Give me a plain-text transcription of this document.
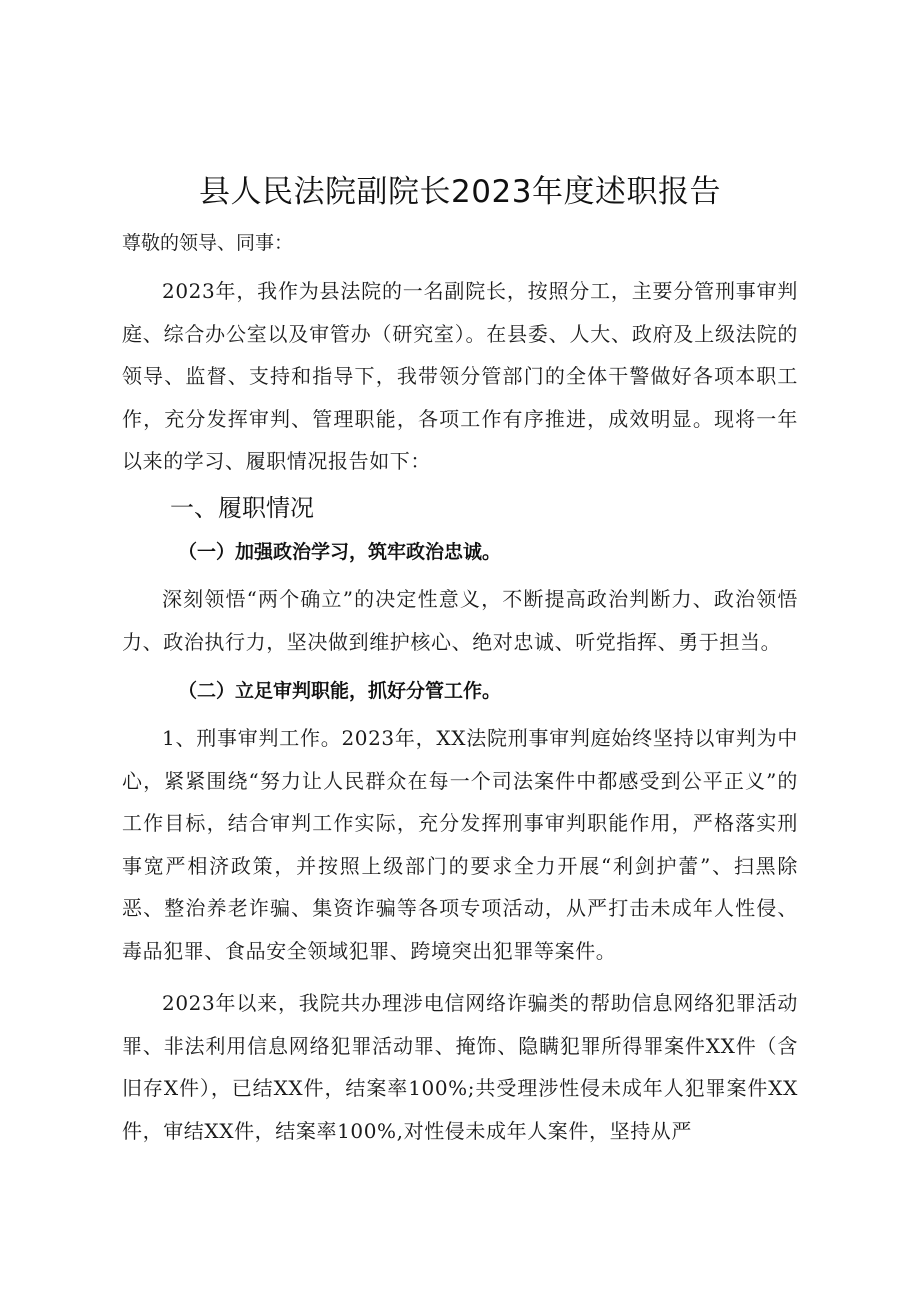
县人民法院副院长2023年度述职报告

尊敬的领导、同事：

2023年，我作为县法院的一名副院长，按照分工，主要分管刑事审判庭、综合办公室以及审管办（研究室）。在县委、人大、政府及上级法院的领导、监督、支持和指导下，我带领分管部门的全体干警做好各项本职工作，充分发挥审判、管理职能，各项工作有序推进，成效明显。现将一年以来的学习、履职情况报告如下：

一、履职情况
（一）加强政治学习，筑牢政治忠诚。

深刻领悟“两个确立”的决定性意义，不断提高政治判断力、政治领悟力、政治执行力，坚决做到维护核心、绝对忠诚、听党指挥、勇于担当。

（二）立足审判职能，抓好分管工作。

1、刑事审判工作。2023年，XX法院刑事审判庭始终坚持以审判为中心，紧紧围绕“努力让人民群众在每一个司法案件中都感受到公平正义”的工作目标，结合审判工作实际，充分发挥刑事审判职能作用，严格落实刑事宽严相济政策，并按照上级部门的要求全力开展“利剑护蕾”、扫黑除恶、整治养老诈骗、集资诈骗等各项专项活动，从严打击未成年人性侵、毒品犯罪、食品安全领域犯罪、跨境突出犯罪等案件。

2023年以来，我院共办理涉电信网络诈骗类的帮助信息网络犯罪活动罪、非法利用信息网络犯罪活动罪、掩饰、隐瞒犯罪所得罪案件XX件（含旧存X件），已结XX件，结案率100%;共受理涉性侵未成年人犯罪案件XX件，审结XX件，结案率100%,对性侵未成年人案件，坚持从严
